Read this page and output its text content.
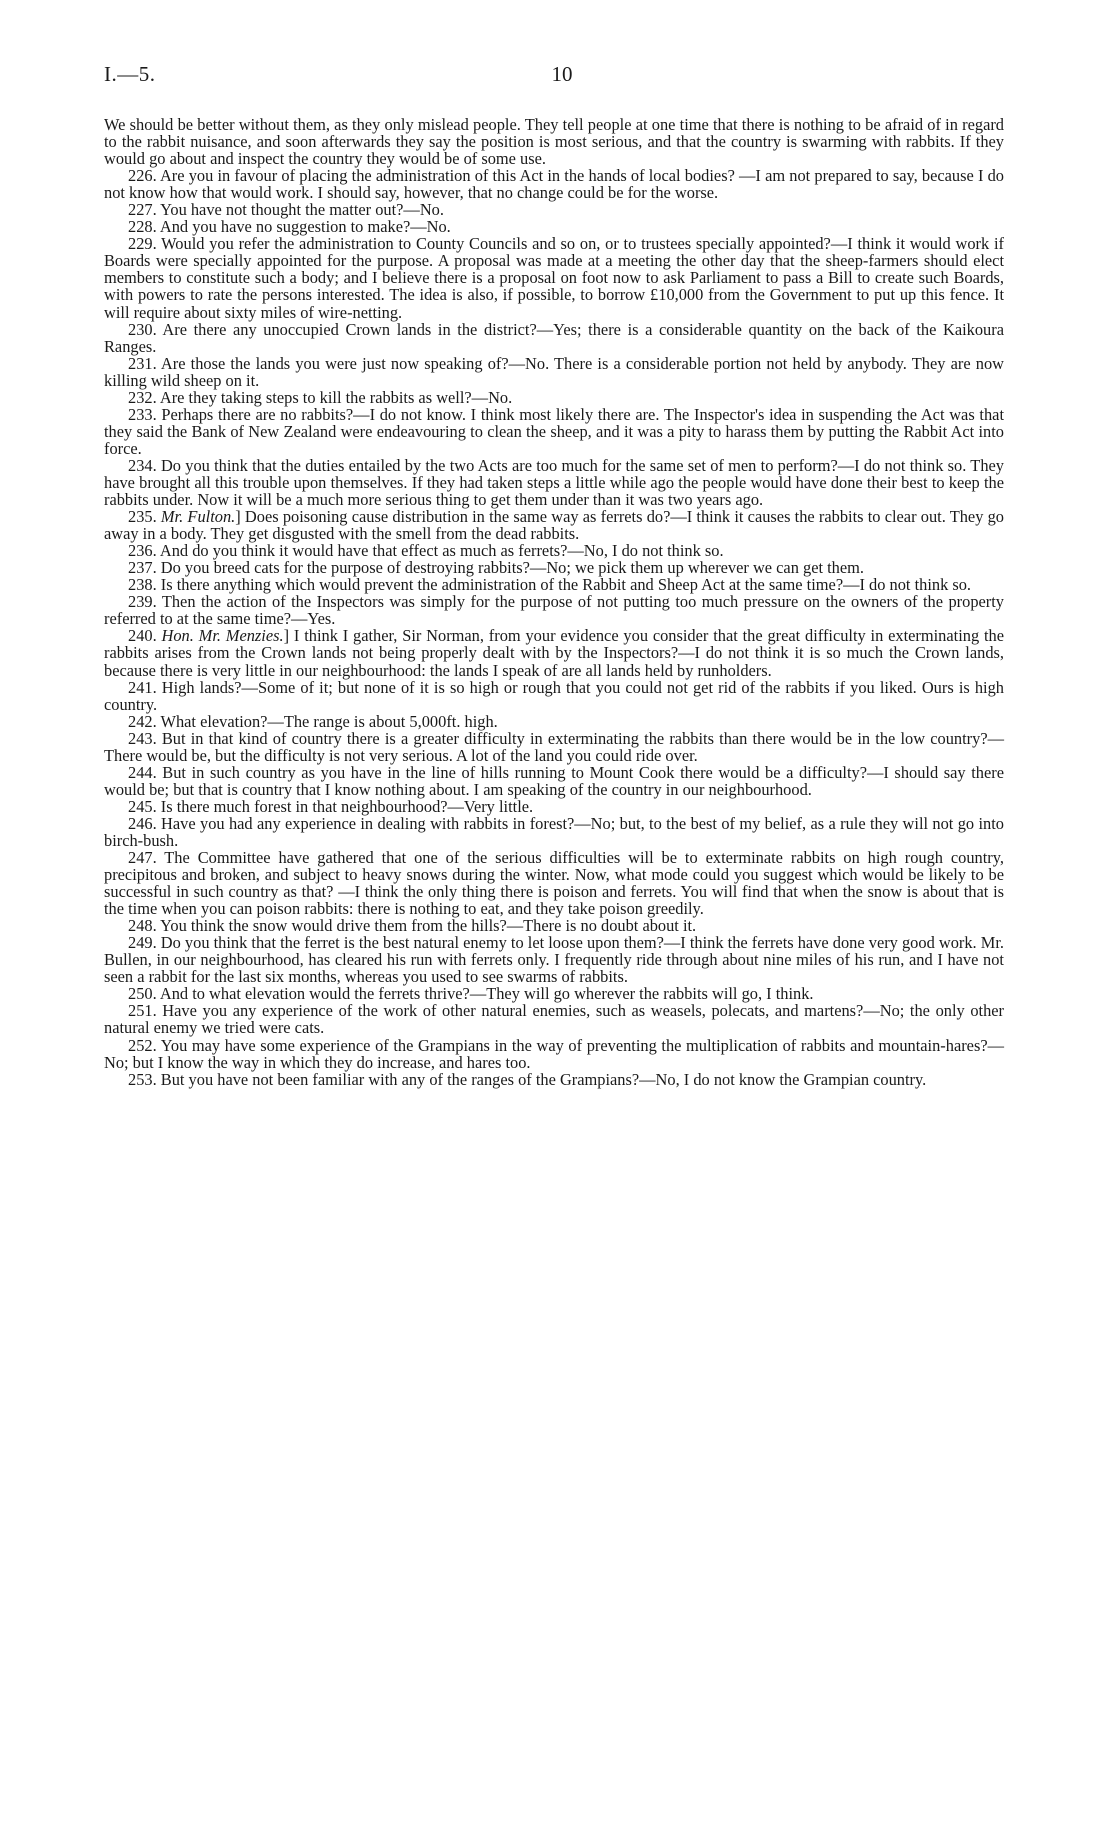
I.—5.	10

We should be better without them, as they only mislead people. They tell people at one time that there is nothing to be afraid of in regard to the rabbit nuisance, and soon afterwards they say the position is most serious, and that the country is swarming with rabbits. If they would go about and inspect the country they would be of some use.

226. Are you in favour of placing the administration of this Act in the hands of local bodies? —I am not prepared to say, because I do not know how that would work. I should say, however, that no change could be for the worse.

227. You have not thought the matter out?—No.

228. And you have no suggestion to make?—No.

229. Would you refer the administration to County Councils and so on, or to trustees specially appointed?—I think it would work if Boards were specially appointed for the purpose. A proposal was made at a meeting the other day that the sheep-farmers should elect members to constitute such a body; and I believe there is a proposal on foot now to ask Parliament to pass a Bill to create such Boards, with powers to rate the persons interested. The idea is also, if possible, to borrow £10,000 from the Government to put up this fence. It will require about sixty miles of wire-netting.

230. Are there any unoccupied Crown lands in the district?—Yes; there is a considerable quantity on the back of the Kaikoura Ranges.

231. Are those the lands you were just now speaking of?—No. There is a considerable portion not held by anybody. They are now killing wild sheep on it.

232. Are they taking steps to kill the rabbits as well?—No.

233. Perhaps there are no rabbits?—I do not know. I think most likely there are. The Inspector's idea in suspending the Act was that they said the Bank of New Zealand were endeavouring to clean the sheep, and it was a pity to harass them by putting the Rabbit Act into force.

234. Do you think that the duties entailed by the two Acts are too much for the same set of men to perform?—I do not think so. They have brought all this trouble upon themselves. If they had taken steps a little while ago the people would have done their best to keep the rabbits under. Now it will be a much more serious thing to get them under than it was two years ago.

235. Mr. Fulton.] Does poisoning cause distribution in the same way as ferrets do?—I think it causes the rabbits to clear out. They go away in a body. They get disgusted with the smell from the dead rabbits.

236. And do you think it would have that effect as much as ferrets?—No, I do not think so.

237. Do you breed cats for the purpose of destroying rabbits?—No; we pick them up wherever we can get them.

238. Is there anything which would prevent the administration of the Rabbit and Sheep Act at the same time?—I do not think so.

239. Then the action of the Inspectors was simply for the purpose of not putting too much pressure on the owners of the property referred to at the same time?—Yes.

240. Hon. Mr. Menzies.] I think I gather, Sir Norman, from your evidence you consider that the great difficulty in exterminating the rabbits arises from the Crown lands not being properly dealt with by the Inspectors?—I do not think it is so much the Crown lands, because there is very little in our neighbourhood: the lands I speak of are all lands held by runholders.

241. High lands?—Some of it; but none of it is so high or rough that you could not get rid of the rabbits if you liked. Ours is high country.

242. What elevation?—The range is about 5,000ft. high.

243. But in that kind of country there is a greater difficulty in exterminating the rabbits than there would be in the low country?—There would be, but the difficulty is not very serious. A lot of the land you could ride over.

244. But in such country as you have in the line of hills running to Mount Cook there would be a difficulty?—I should say there would be; but that is country that I know nothing about. I am speaking of the country in our neighbourhood.

245. Is there much forest in that neighbourhood?—Very little.

246. Have you had any experience in dealing with rabbits in forest?—No; but, to the best of my belief, as a rule they will not go into birch-bush.

247. The Committee have gathered that one of the serious difficulties will be to exterminate rabbits on high rough country, precipitous and broken, and subject to heavy snows during the winter. Now, what mode could you suggest which would be likely to be successful in such country as that? —I think the only thing there is poison and ferrets. You will find that when the snow is about that is the time when you can poison rabbits: there is nothing to eat, and they take poison greedily.

248. You think the snow would drive them from the hills?—There is no doubt about it.

249. Do you think that the ferret is the best natural enemy to let loose upon them?—I think the ferrets have done very good work. Mr. Bullen, in our neighbourhood, has cleared his run with ferrets only. I frequently ride through about nine miles of his run, and I have not seen a rabbit for the last six months, whereas you used to see swarms of rabbits.

250. And to what elevation would the ferrets thrive?—They will go wherever the rabbits will go, I think.

251. Have you any experience of the work of other natural enemies, such as weasels, polecats, and martens?—No; the only other natural enemy we tried were cats.

252. You may have some experience of the Grampians in the way of preventing the multiplication of rabbits and mountain-hares?—No; but I know the way in which they do increase, and hares too.

253. But you have not been familiar with any of the ranges of the Grampians?—No, I do not know the Grampian country.
